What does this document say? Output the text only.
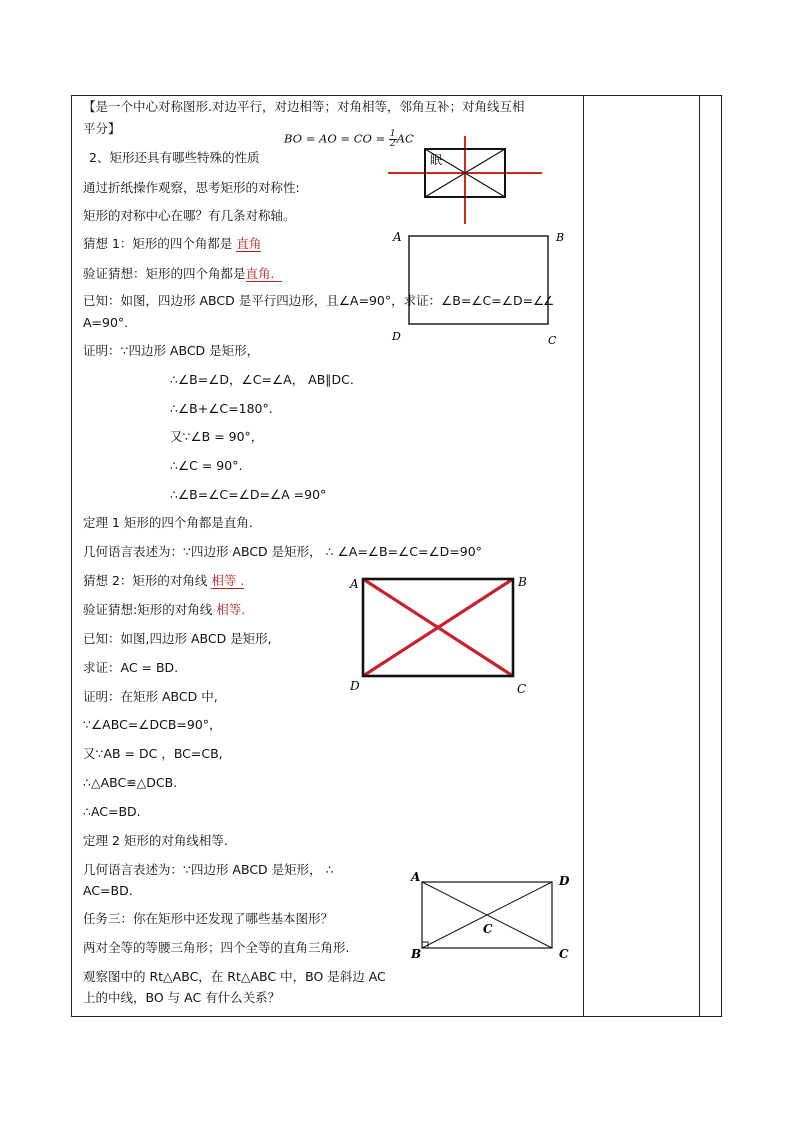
【是一个中心对称图形.对边平行，对边相等；对角相等，邻角互补；对角线互相
平分】
BO = AO = CO = $\frac{1}{2}$ AC
2、矩形还具有哪些特殊的性质
通过折纸操作观察，思考矩形的对称性:
矩形的对称中心在哪？有几条对称轴。
猜想 1：矩形的四个角都是 直角
验证猜想：矩形的四个角都是直角.
已知：如图，四边形 ABCD 是平行四边形，且∠A=90°，求证：∠B=∠C=∠D=∠
∠
A=90°.
证明：∵四边形 ABCD 是矩形，
∴∠B=∠D，∠C=∠A， AB∥DC.
∴∠B+∠C=180°.
又∵∠B = 90°，
∴∠C = 90°.
∴∠B=∠C=∠D=∠A =90°
定理 1 矩形的四个角都是直角.
几何语言表述为：∵四边形 ABCD 是矩形， ∴ ∠A=∠B=∠C=∠D=90°
猜想 2：矩形的对角线 相等 .
验证猜想:矩形的对角线 相等.
已知：如图,四边形 ABCD 是矩形,
求证：AC = BD.
证明：在矩形 ABCD 中,
∵∠ABC=∠DCB=90°，
又∵AB = DC ，BC=CB,
∴△ABC≌△DCB.
∴AC=BD.
定理 2 矩形的对角线相等.
几何语言表述为：∵四边形 ABCD 是矩形， ∴
AC=BD.
任务三：你在矩形中还发现了哪些基本图形？
两对全等的等腰三角形；四个全等的直角三角形.
观察图中的 Rt△ABC，在 Rt△ABC 中，BO 是斜边 AC
上的中线，BO 与 AC 有什么关系？
眠
A	B
C
D
A	B
C
D
A	D
B	C
C
